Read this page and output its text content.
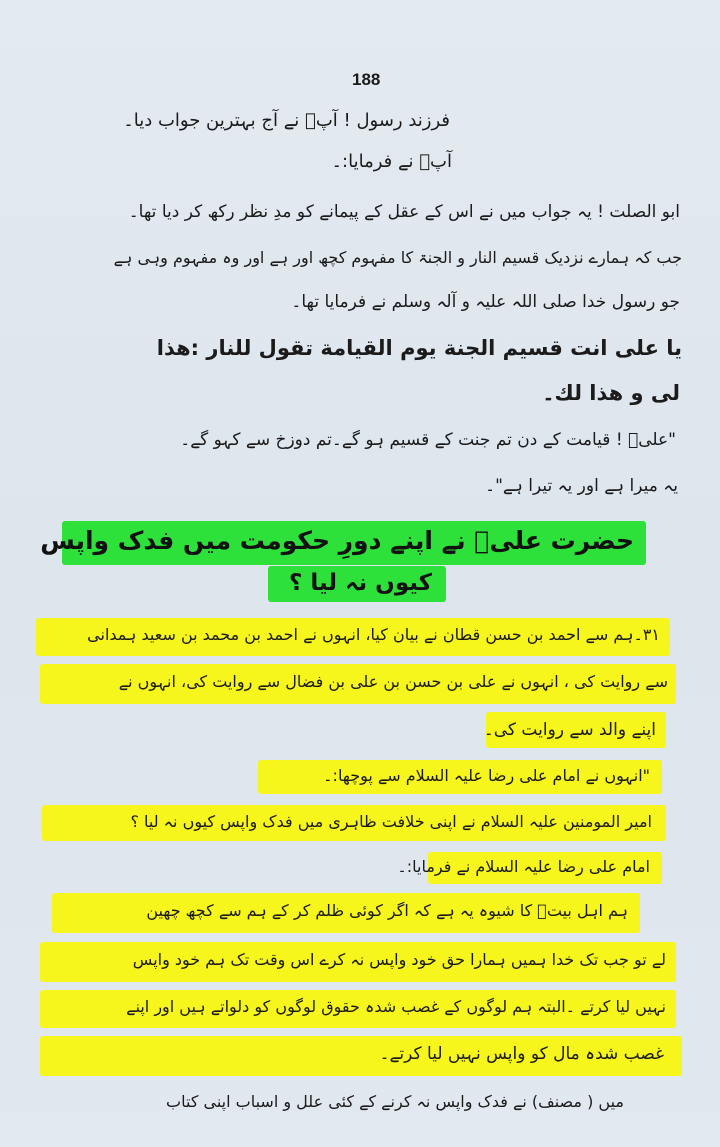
188
فرزند رسول ! آپؑ نے آج بہترین جواب دیا۔
آپؑ نے فرمایا:۔
ابو الصلت ! یہ جواب میں نے اس کے عقل کے پیمانے کو مدِ نظر رکھ کر دیا تھا۔
جب کہ ہمارے نزدیک قسیم النار و الجنۃ کا مفہوم کچھ اور ہے اور وہ مفہوم وہی ہے
جو رسول خدا صلی اللہ علیہ و آلہ وسلم نے فرمایا تھا۔
یا علی انت قسیم الجنة یوم القیامة تقول للنار :هذا
لی و هذا لك۔
"علیؑ ! قیامت کے دن تم جنت کے قسیم ہو گے۔تم دوزخ سے کہو گے۔
یہ میرا ہے اور یہ تیرا ہے"۔
حضرت علیؑ نے اپنے دورِ حکومت میں فدک واپس
کیوں نہ لیا ؟
۳۱۔ہم سے احمد بن حسن قطان نے بیان کیا، انہوں نے احمد بن محمد بن سعید ہمدانی
سے روایت کی ، انہوں نے علی بن حسن بن علی بن فضال سے روایت کی، انہوں نے
اپنے والد سے روایت کی۔
"انہوں نے امام علی رضا علیہ السلام سے پوچھا:۔
امیر المومنین علیہ السلام نے اپنی خلافت ظاہری میں فدک واپس کیوں نہ لیا ؟
امام علی رضا علیہ السلام نے فرمایا:۔
ہم اہل بیتؑ کا شیوہ یہ ہے کہ اگر کوئی ظلم کر کے ہم سے کچھ چھین
لے تو جب تک خدا ہمیں ہمارا حق خود واپس نہ کرے اس وقت تک ہم خود واپس
نہیں لیا کرتے ۔البتہ ہم لوگوں کے غصب شدہ حقوق لوگوں کو دلواتے ہیں اور اپنے
غصب شدہ مال کو واپس نہیں لیا کرتے۔
میں ( مصنف) نے فدک واپس نہ کرنے کے کئی علل و اسباب اپنی کتاب
